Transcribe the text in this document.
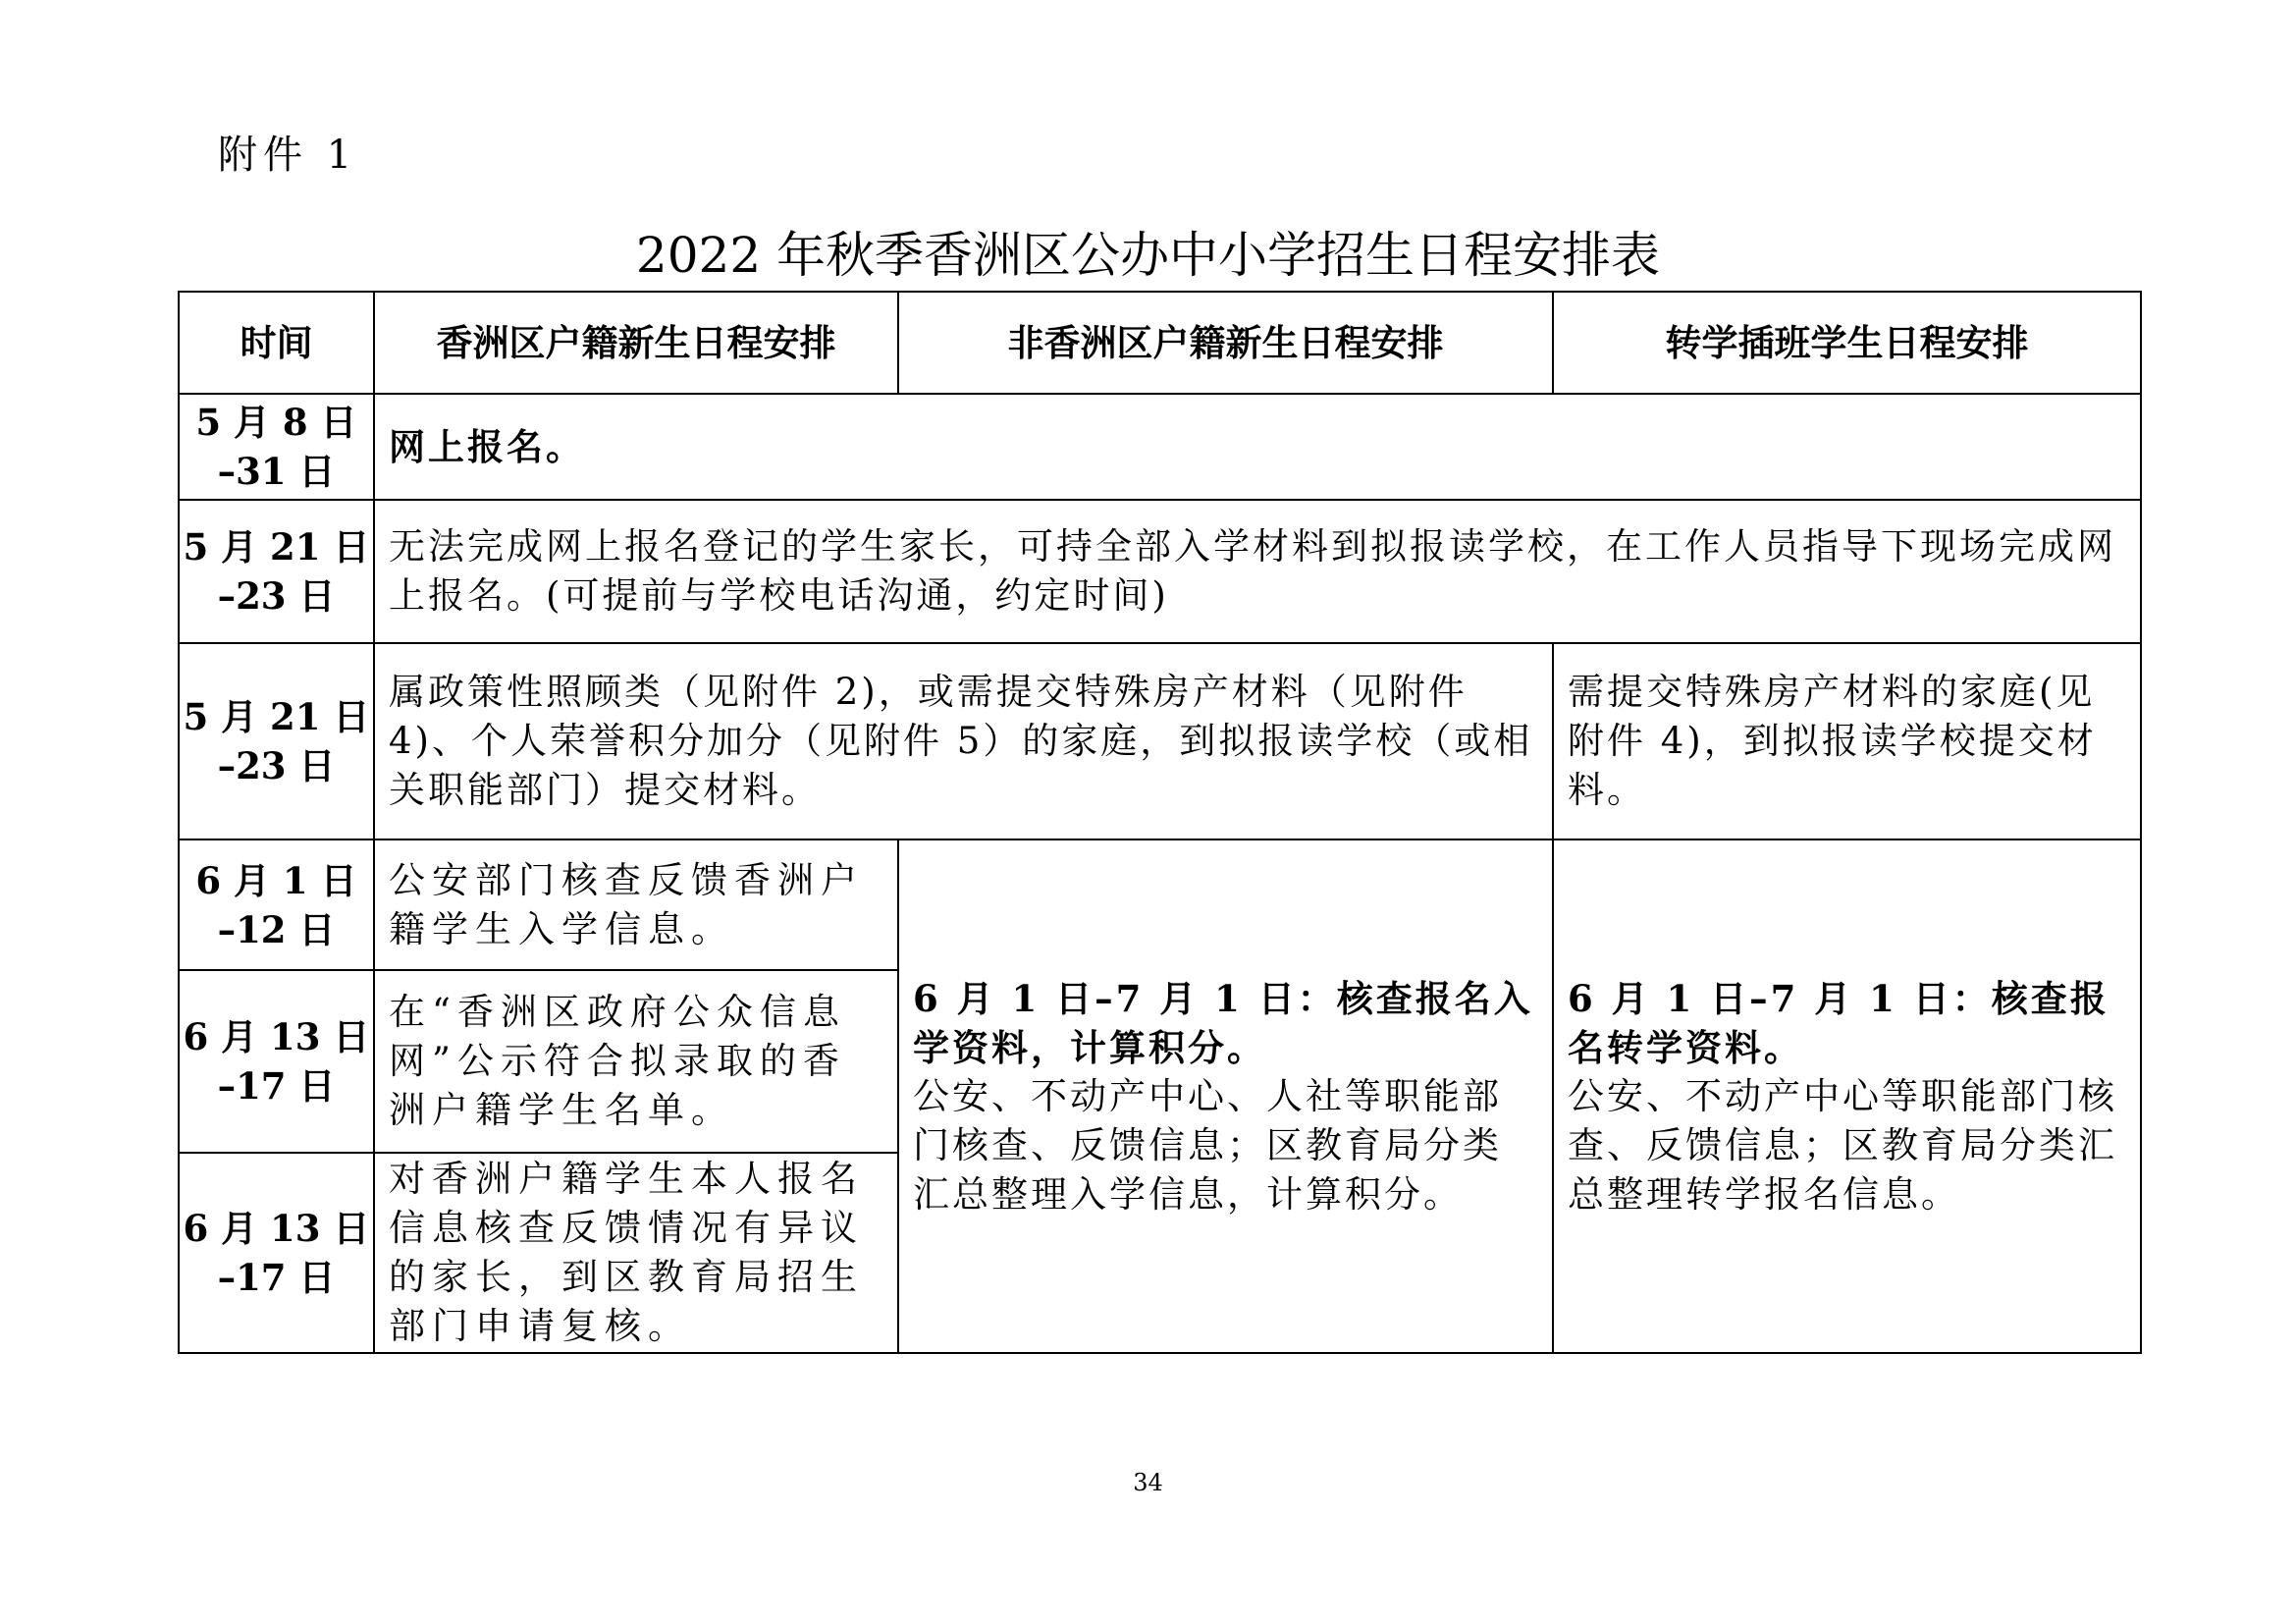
附件 1
2022 年秋季香洲区公办中小学招生日程安排表
时间	香洲区户籍新生日程安排	非香洲区户籍新生日程安排	转学插班学生日程安排

5 月 8 日
–31 日	网上报名。		

5 月 21 日
–23 日	无法完成网上报名登记的学生家长，可持全部入学材料到拟报读学校，在工作人员指导下现场完成网上报名。(可提前与学校电话沟通，约定时间)		

5 月 21 日
–23 日	属政策性照顾类（见附件 2)，或需提交特殊房产材料（见附件 4)、个人荣誉积分加分（见附件 5）的家庭，到拟报读学校（或相关职能部门）提交材料。		需提交特殊房产材料的家庭(见附件 4)，到拟报读学校提交材料。

6 月 1 日
–12 日	公安部门核查反馈香洲户籍学生入学信息。	6 月 1 日–7 月 1 日：核查报名入学资料，计算积分。
公安、不动产中心、人社等职能部门核查、反馈信息；区教育局分类汇总整理入学信息，计算积分。	6 月 1 日–7 月 1 日：核查报名转学资料。
公安、不动产中心等职能部门核查、反馈信息；区教育局分类汇总整理转学报名信息。

6 月 13 日
–17 日	在“香洲区政府公众信息网”公示符合拟录取的香洲户籍学生名单。		

6 月 13 日
–17 日	对香洲户籍学生本人报名信息核查反馈情况有异议的家长，到区教育局招生部门申请复核。		
34
